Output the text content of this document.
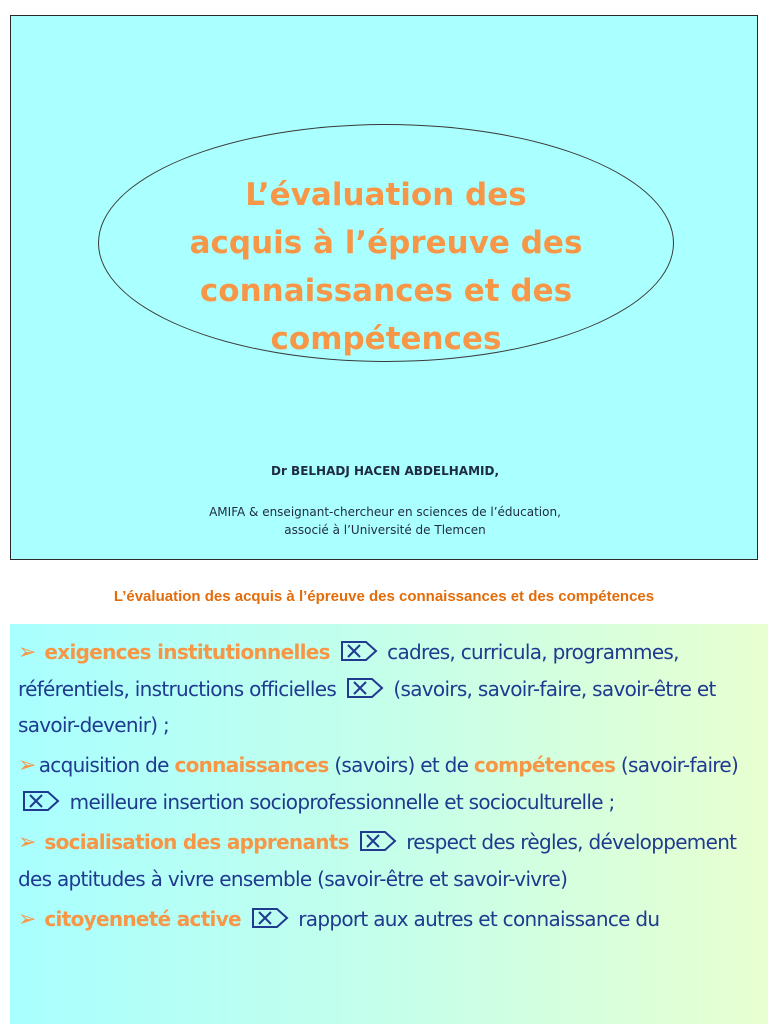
L’évaluation des
acquis à l’épreuve des
connaissances et des
compétences
Dr BELHADJ HACEN ABDELHAMID,
AMIFA & enseignant-chercheur en sciences de l’éducation,
associé à l’Université de Tlemcen
L’évaluation des acquis à l’épreuve des connaissances et des compétences
➢ exigences institutionnelles	cadres, curricula, programmes, référentiels, instructions officielles	(savoirs, savoir-faire, savoir-être et savoir-devenir) ;
➢ acquisition de connaissances (savoirs) et de compétences (savoir-faire)
meilleure insertion socioprofessionnelle et socioculturelle ;
➢ socialisation des apprenants	respect des règles, développement des aptitudes à vivre ensemble (savoir-être et savoir-vivre)
➢ citoyenneté active	rapport aux autres et connaissance du
